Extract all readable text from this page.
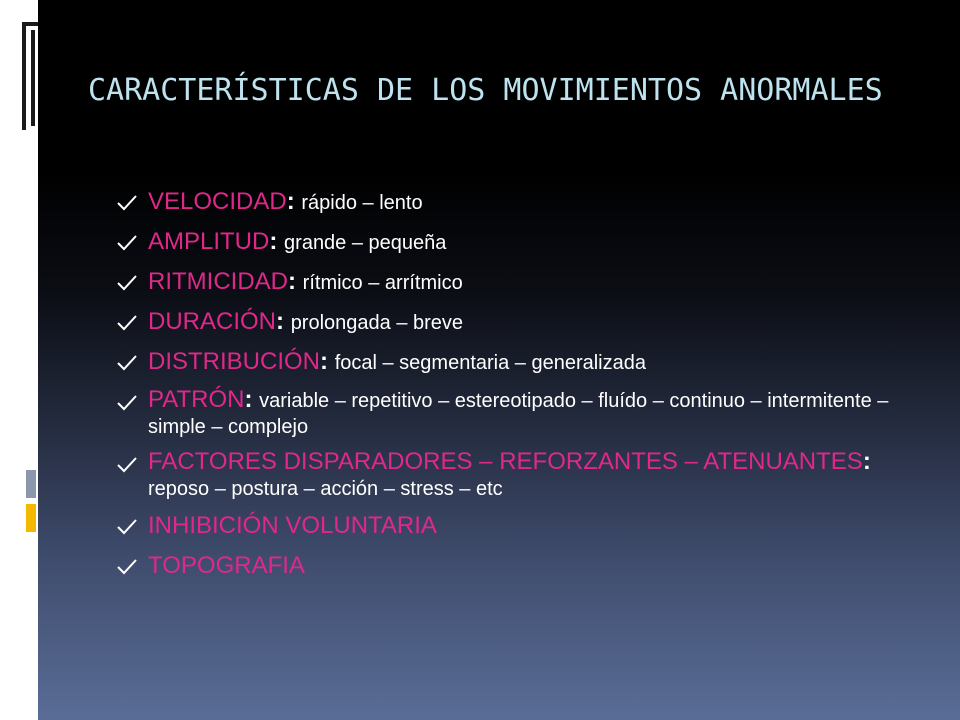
CARACTERÍSTICAS DE LOS MOVIMIENTOS ANORMALES
VELOCIDAD: rápido – lento
AMPLITUD: grande – pequeña
RITMICIDAD: rítmico – arrítmico
DURACIÓN: prolongada – breve
DISTRIBUCIÓN: focal – segmentaria – generalizada
PATRÓN: variable – repetitivo – estereotipado – fluído – continuo – intermitente – simple – complejo
FACTORES DISPARADORES – REFORZANTES – ATENUANTES: reposo – postura – acción – stress – etc
INHIBICIÓN VOLUNTARIA
TOPOGRAFIA
